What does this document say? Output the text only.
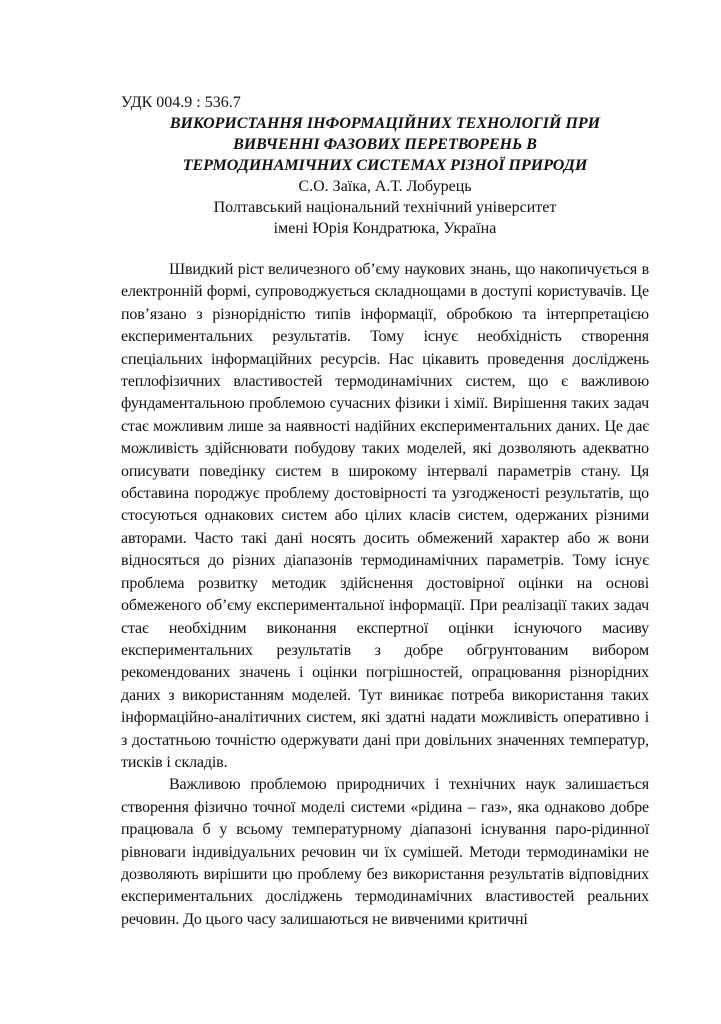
УДК 004.9 : 536.7
ВИКОРИСТАННЯ ІНФОРМАЦІЙНИХ ТЕХНОЛОГІЙ ПРИ
ВИВЧЕННІ ФАЗОВИХ ПЕРЕТВОРЕНЬ В
ТЕРМОДИНАМІЧНИХ СИСТЕМАХ РІЗНОЇ ПРИРОДИ
С.О. Заїка, А.Т. Лобурець
Полтавський національний технічний університет
імені Юрія Кондратюка, Україна

Швидкий ріст величезного об’єму наукових знань, що накопичується в електронній формі, супроводжується складнощами в доступі користувачів. Це пов’язано з різнорідністю типів інформації, обробкою та інтерпретацією експериментальних результатів. Тому існує необхідність створення спеціальних інформаційних ресурсів. Нас цікавить проведення досліджень теплофізичних властивостей термодинамічних систем, що є важливою фундаментальною проблемою сучасних фізики і хімії. Вирішення таких задач стає можливим лише за наявності надійних експериментальних даних. Це дає можливість здійснювати побудову таких моделей, які дозволяють адекватно описувати поведінку систем в широкому інтервалі параметрів стану. Ця обставина породжує проблему достовірності та узгодженості результатів, що стосуються однакових систем або цілих класів систем, одержаних різними авторами. Часто такі дані носять досить обмежений характер або ж вони відносяться до різних діапазонів термодинамічних параметрів. Тому існує проблема розвитку методик здійснення достовірної оцінки на основі обмеженого об’єму експериментальної інформації. При реалізації таких задач стає необхідним виконання експертної оцінки існуючого масиву експериментальних результатів з добре обгрунтованим вибором рекомендованих значень і оцінки погрішностей, опрацювання різнорідних даних з використанням моделей. Тут виникає потреба використання таких інформаційно-аналітичних систем, які здатні надати можливість оперативно і з достатньою точністю одержувати дані при довільних значеннях температур, тисків і складів.

Важливою проблемою природничих і технічних наук залишається створення фізично точної моделі системи «рідина – газ», яка однаково добре працювала б у всьому температурному діапазоні існування паро-рідинної рівноваги індивідуальних речовин чи їх сумішей. Методи термодинаміки не дозволяють вирішити цю проблему без використання результатів відповідних експериментальних досліджень термодинамічних властивостей реальних речовин. До цього часу залишаються не вивченими критичні
